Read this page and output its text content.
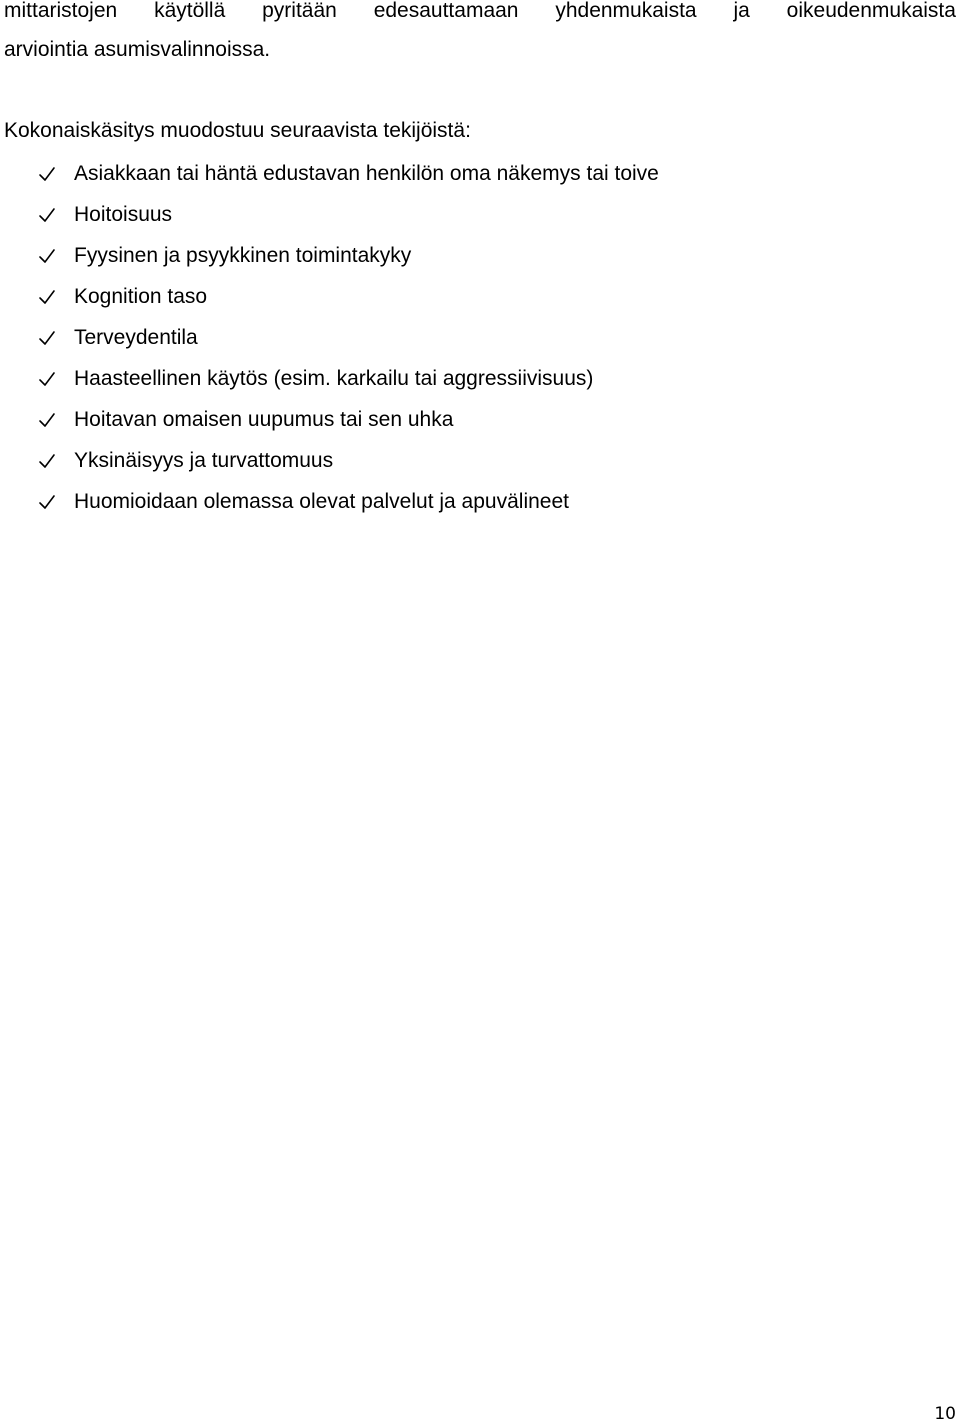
mittaristojen käytöllä pyritään edesauttamaan yhdenmukaista ja oikeudenmukaista
arviointia asumisvalinnoissa.
Kokonaiskäsitys muodostuu seuraavista tekijöistä:
Asiakkaan tai häntä edustavan henkilön oma näkemys tai toive
Hoitoisuus
Fyysinen ja psyykkinen toimintakyky
Kognition taso
Terveydentila
Haasteellinen käytös (esim. karkailu tai aggressiivisuus)
Hoitavan omaisen uupumus tai sen uhka
Yksinäisyys ja turvattomuus
Huomioidaan olemassa olevat palvelut ja apuvälineet
10
